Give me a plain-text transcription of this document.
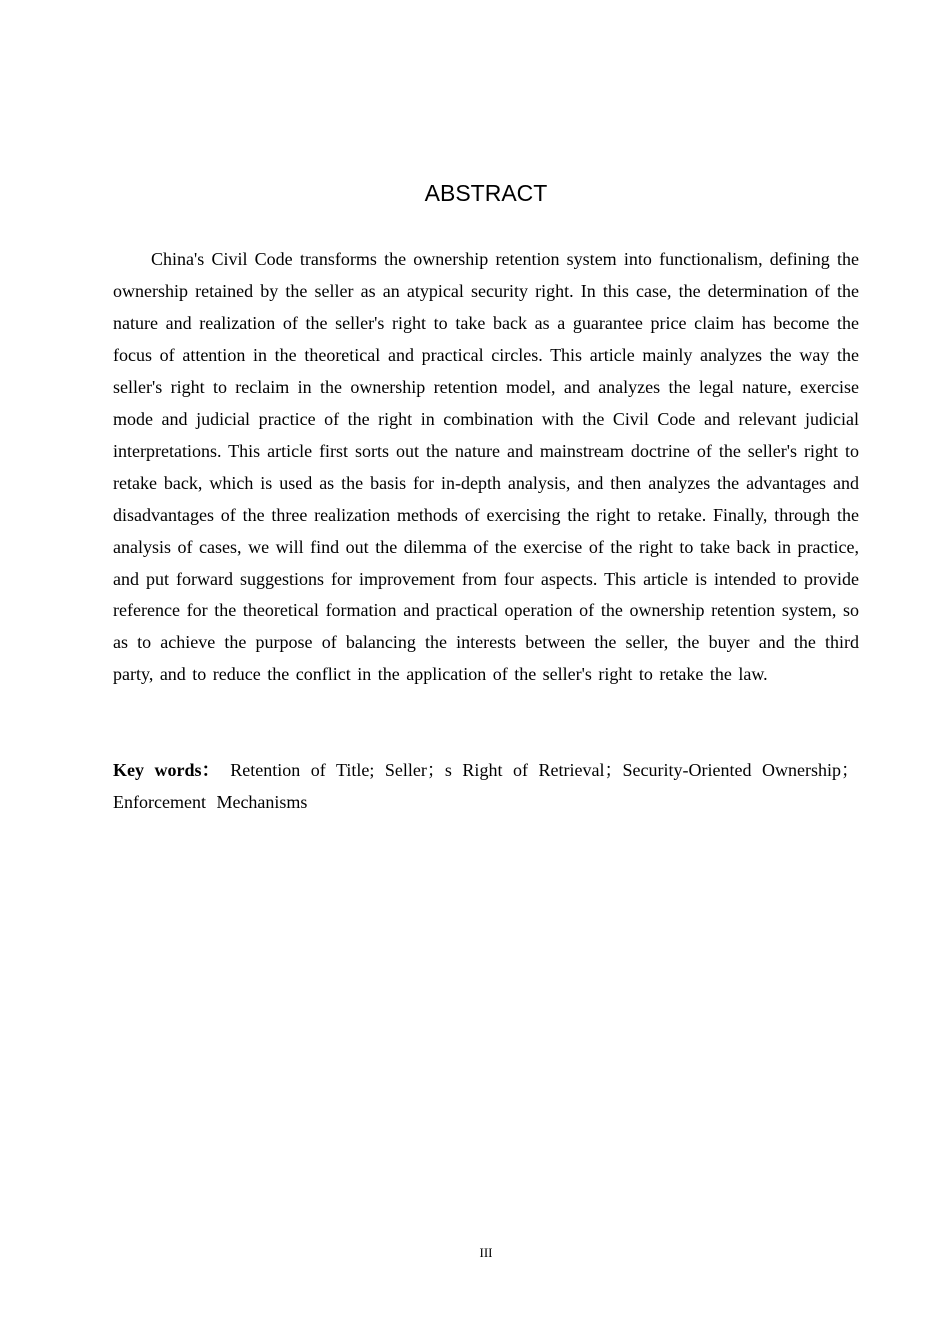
ABSTRACT

China's Civil Code transforms the ownership retention system into functionalism, defining the ownership retained by the seller as an atypical security right. In this case, the determination of the nature and realization of the seller's right to take back as a guarantee price claim has become the focus of attention in the theoretical and practical circles. This article mainly analyzes the way the seller's right to reclaim in the ownership retention model, and analyzes the legal nature, exercise mode and judicial practice of the right in combination with the Civil Code and relevant judicial interpretations. This article first sorts out the nature and mainstream doctrine of the seller's right to retake back, which is used as the basis for in-depth analysis, and then analyzes the advantages and disadvantages of the three realization methods of exercising the right to retake. Finally, through the analysis of cases, we will find out the dilemma of the exercise of the right to take back in practice, and put forward suggestions for improvement from four aspects. This article is intended to provide reference for the theoretical formation and practical operation of the ownership retention system, so as to achieve the purpose of balancing the interests between the seller, the buyer and the third party, and to reduce the conflict in the application of the seller's right to retake the law.

Key words： Retention of Title; Seller；s Right of Retrieval；Security-Oriented Ownership；Enforcement Mechanisms

III
